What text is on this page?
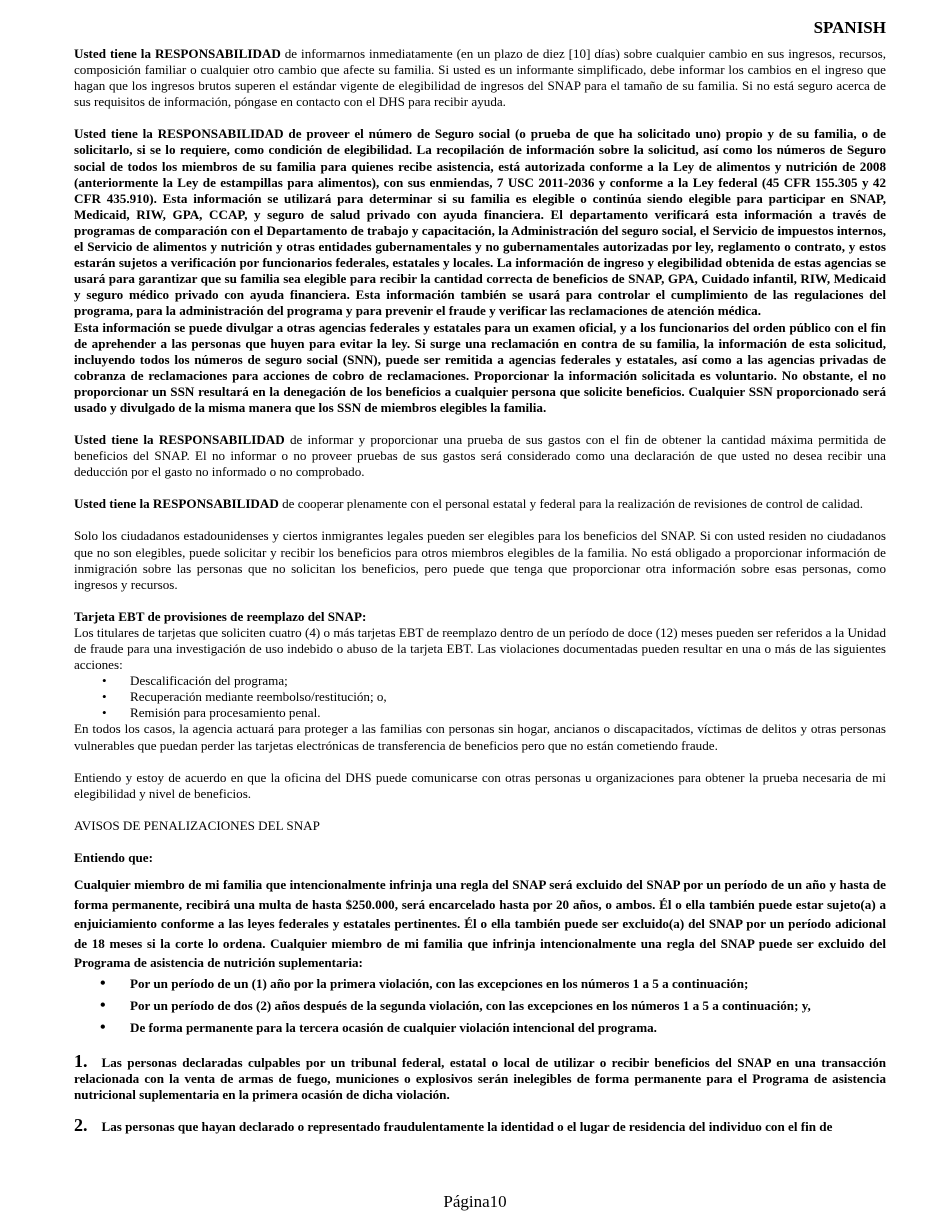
SPANISH

Usted tiene la RESPONSABILIDAD de informarnos inmediatamente (en un plazo de diez [10] días) sobre cualquier cambio en sus ingresos, recursos, composición familiar o cualquier otro cambio que afecte su familia. Si usted es un informante simplificado, debe informar los cambios en el ingreso que hagan que los ingresos brutos superen el estándar vigente de elegibilidad de ingresos del SNAP para el tamaño de su familia. Si no está seguro acerca de sus requisitos de información, póngase en contacto con el DHS para recibir ayuda.

Usted tiene la RESPONSABILIDAD de proveer el número de Seguro social (o prueba de que ha solicitado uno) propio y de su familia, o de solicitarlo, si se lo requiere, como condición de elegibilidad. La recopilación de información sobre la solicitud, así como los números de Seguro social de todos los miembros de su familia para quienes recibe asistencia, está autorizada conforme a la Ley de alimentos y nutrición de 2008 (anteriormente la Ley de estampillas para alimentos), con sus enmiendas, 7 USC 2011-2036 y conforme a la Ley federal (45 CFR 155.305 y 42 CFR 435.910). Esta información se utilizará para determinar si su familia es elegible o continúa siendo elegible para participar en SNAP, Medicaid, RIW, GPA, CCAP, y seguro de salud privado con ayuda financiera. El departamento verificará esta información a través de programas de comparación con el Departamento de trabajo y capacitación, la Administración del seguro social, el Servicio de impuestos internos, el Servicio de alimentos y nutrición y otras entidades gubernamentales y no gubernamentales autorizadas por ley, reglamento o contrato, y estos estarán sujetos a verificación por funcionarios federales, estatales y locales. La información de ingreso y elegibilidad obtenida de estas agencias se usará para garantizar que su familia sea elegible para recibir la cantidad correcta de beneficios de SNAP, GPA, Cuidado infantil, RIW, Medicaid y seguro médico privado con ayuda financiera. Esta información también se usará para controlar el cumplimiento de las regulaciones del programa, para la administración del programa y para prevenir el fraude y verificar las reclamaciones de atención médica.

Esta información se puede divulgar a otras agencias federales y estatales para un examen oficial, y a los funcionarios del orden público con el fin de aprehender a las personas que huyen para evitar la ley. Si surge una reclamación en contra de su familia, la información de esta solicitud, incluyendo todos los números de seguro social (SNN), puede ser remitida a agencias federales y estatales, así como a las agencias privadas de cobranza de reclamaciones para acciones de cobro de reclamaciones. Proporcionar la información solicitada es voluntario. No obstante, el no proporcionar un SSN resultará en la denegación de los beneficios a cualquier persona que solicite beneficios. Cualquier SSN proporcionado será usado y divulgado de la misma manera que los SSN de miembros elegibles la familia.

Usted tiene la RESPONSABILIDAD de informar y proporcionar una prueba de sus gastos con el fin de obtener la cantidad máxima permitida de beneficios del SNAP. El no informar o no proveer pruebas de sus gastos será considerado como una declaración de que usted no desea recibir una deducción por el gasto no informado o no comprobado.

Usted tiene la RESPONSABILIDAD de cooperar plenamente con el personal estatal y federal para la realización de revisiones de control de calidad.

Solo los ciudadanos estadounidenses y ciertos inmigrantes legales pueden ser elegibles para los beneficios del SNAP. Si con usted residen no ciudadanos que no son elegibles, puede solicitar y recibir los beneficios para otros miembros elegibles de la familia. No está obligado a proporcionar información de inmigración sobre las personas que no solicitan los beneficios, pero puede que tenga que proporcionar otra información sobre esas personas, como ingresos y recursos.

Tarjeta EBT de provisiones de reemplazo del SNAP:

Los titulares de tarjetas que soliciten cuatro (4) o más tarjetas EBT de reemplazo dentro de un período de doce (12) meses pueden ser referidos a la Unidad de fraude para una investigación de uso indebido o abuso de la tarjeta EBT. Las violaciones documentadas pueden resultar en una o más de las siguientes acciones:

• Descalificación del programa;
• Recuperación mediante reembolso/restitución; o,
• Remisión para procesamiento penal.

En todos los casos, la agencia actuará para proteger a las familias con personas sin hogar, ancianos o discapacitados, víctimas de delitos y otras personas vulnerables que puedan perder las tarjetas electrónicas de transferencia de beneficios pero que no están cometiendo fraude.

Entiendo y estoy de acuerdo en que la oficina del DHS puede comunicarse con otras personas u organizaciones para obtener la prueba necesaria de mi elegibilidad y nivel de beneficios.

AVISOS DE PENALIZACIONES DEL SNAP

Entiendo que:

Cualquier miembro de mi familia que intencionalmente infrinja una regla del SNAP será excluido del SNAP por un período de un año y hasta de forma permanente, recibirá una multa de hasta $250.000, será encarcelado hasta por 20 años, o ambos. Él o ella también puede estar sujeto(a) a enjuiciamiento conforme a las leyes federales y estatales pertinentes. Él o ella también puede ser excluido(a) del SNAP por un período adicional de 18 meses si la corte lo ordena. Cualquier miembro de mi familia que infrinja intencionalmente una regla del SNAP puede ser excluido del Programa de asistencia de nutrición suplementaria:

• Por un período de un (1) año por la primera violación, con las excepciones en los números 1 a 5 a continuación;
• Por un período de dos (2) años después de la segunda violación, con las excepciones en los números 1 a 5 a continuación; y,
• De forma permanente para la tercera ocasión de cualquier violación intencional del programa.

1. Las personas declaradas culpables por un tribunal federal, estatal o local de utilizar o recibir beneficios del SNAP en una transacción relacionada con la venta de armas de fuego, municiones o explosivos serán inelegibles de forma permanente para el Programa de asistencia nutricional suplementaria en la primera ocasión de dicha violación.

2. Las personas que hayan declarado o representado fraudulentamente la identidad o el lugar de residencia del individuo con el fin de

Página10
